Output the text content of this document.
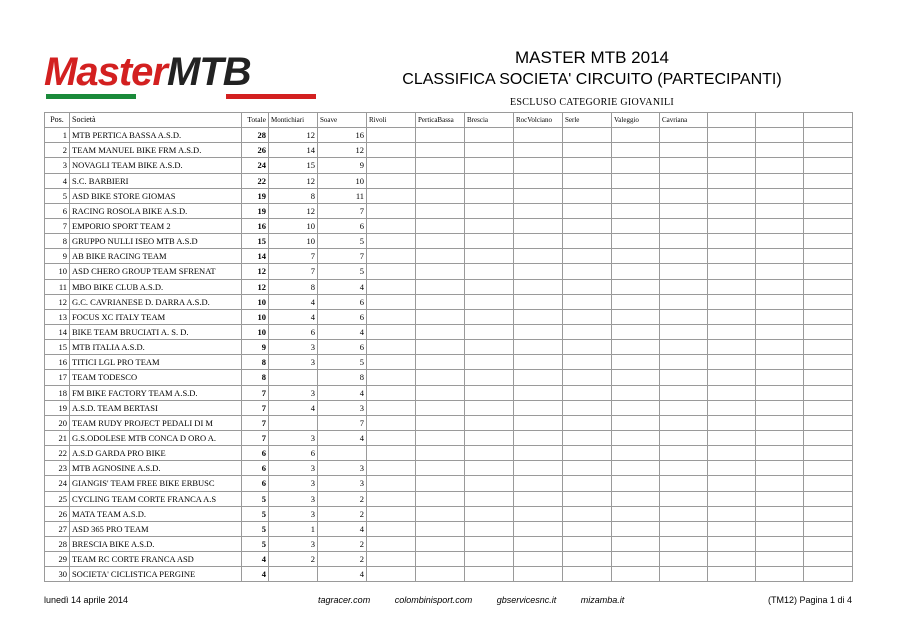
MasterMTB	MASTER MTB 2014
CLASSIFICA SOCIETA' CIRCUITO (PARTECIPANTI)
ESCLUSO CATEGORIE GIOVANILI
Pos.	Società	Totale	Montichiari	Soave	Rivoli	PerticaBassa	Brescia	RocVolciano	Serle	Valeggio	Cavriana			
1	MTB PERTICA BASSA A.S.D.	28	12	16										
2	TEAM MANUEL BIKE FRM A.S.D.	26	14	12										
3	NOVAGLI TEAM BIKE A.S.D.	24	15	9										
4	S.C. BARBIERI	22	12	10										
5	ASD BIKE STORE GIOMAS	19	8	11										
6	RACING ROSOLA BIKE A.S.D.	19	12	7										
7	EMPORIO SPORT TEAM 2	16	10	6										
8	GRUPPO NULLI ISEO MTB A.S.D	15	10	5										
9	AB BIKE RACING TEAM	14	7	7										
10	ASD CHERO GROUP TEAM SFRENAT	12	7	5										
11	MBO BIKE CLUB A.S.D.	12	8	4										
12	G.C. CAVRIANESE D. DARRA A.S.D.	10	4	6										
13	FOCUS XC ITALY TEAM	10	4	6										
14	BIKE TEAM BRUCIATI A. S. D.	10	6	4										
15	MTB ITALIA A.S.D.	9	3	6										
16	TITICI LGL PRO TEAM	8	3	5										
17	TEAM TODESCO	8		8										
18	FM BIKE FACTORY TEAM A.S.D.	7	3	4										
19	A.S.D. TEAM BERTASI	7	4	3										
20	TEAM RUDY PROJECT PEDALI DI M	7		7										
21	G.S.ODOLESE MTB CONCA D ORO A.	7	3	4										
22	A.S.D GARDA PRO BIKE	6	6											
23	MTB AGNOSINE A.S.D.	6	3	3										
24	GIANGIS' TEAM FREE BIKE ERBUSC	6	3	3										
25	CYCLING TEAM CORTE FRANCA A.S	5	3	2										
26	MATA TEAM A.S.D.	5	3	2										
27	ASD 365 PRO TEAM	5	1	4										
28	BRESCIA BIKE A.S.D.	5	3	2										
29	TEAM RC CORTE FRANCA ASD	4	2	2										
30	SOCIETA' CICLISTICA PERGINE	4		4										
lunedì 14 aprile 2014	tagracer.com	colombinisport.com	gbservicesnc.it	mizamba.it	(TM12) Pagina 1 di 4
